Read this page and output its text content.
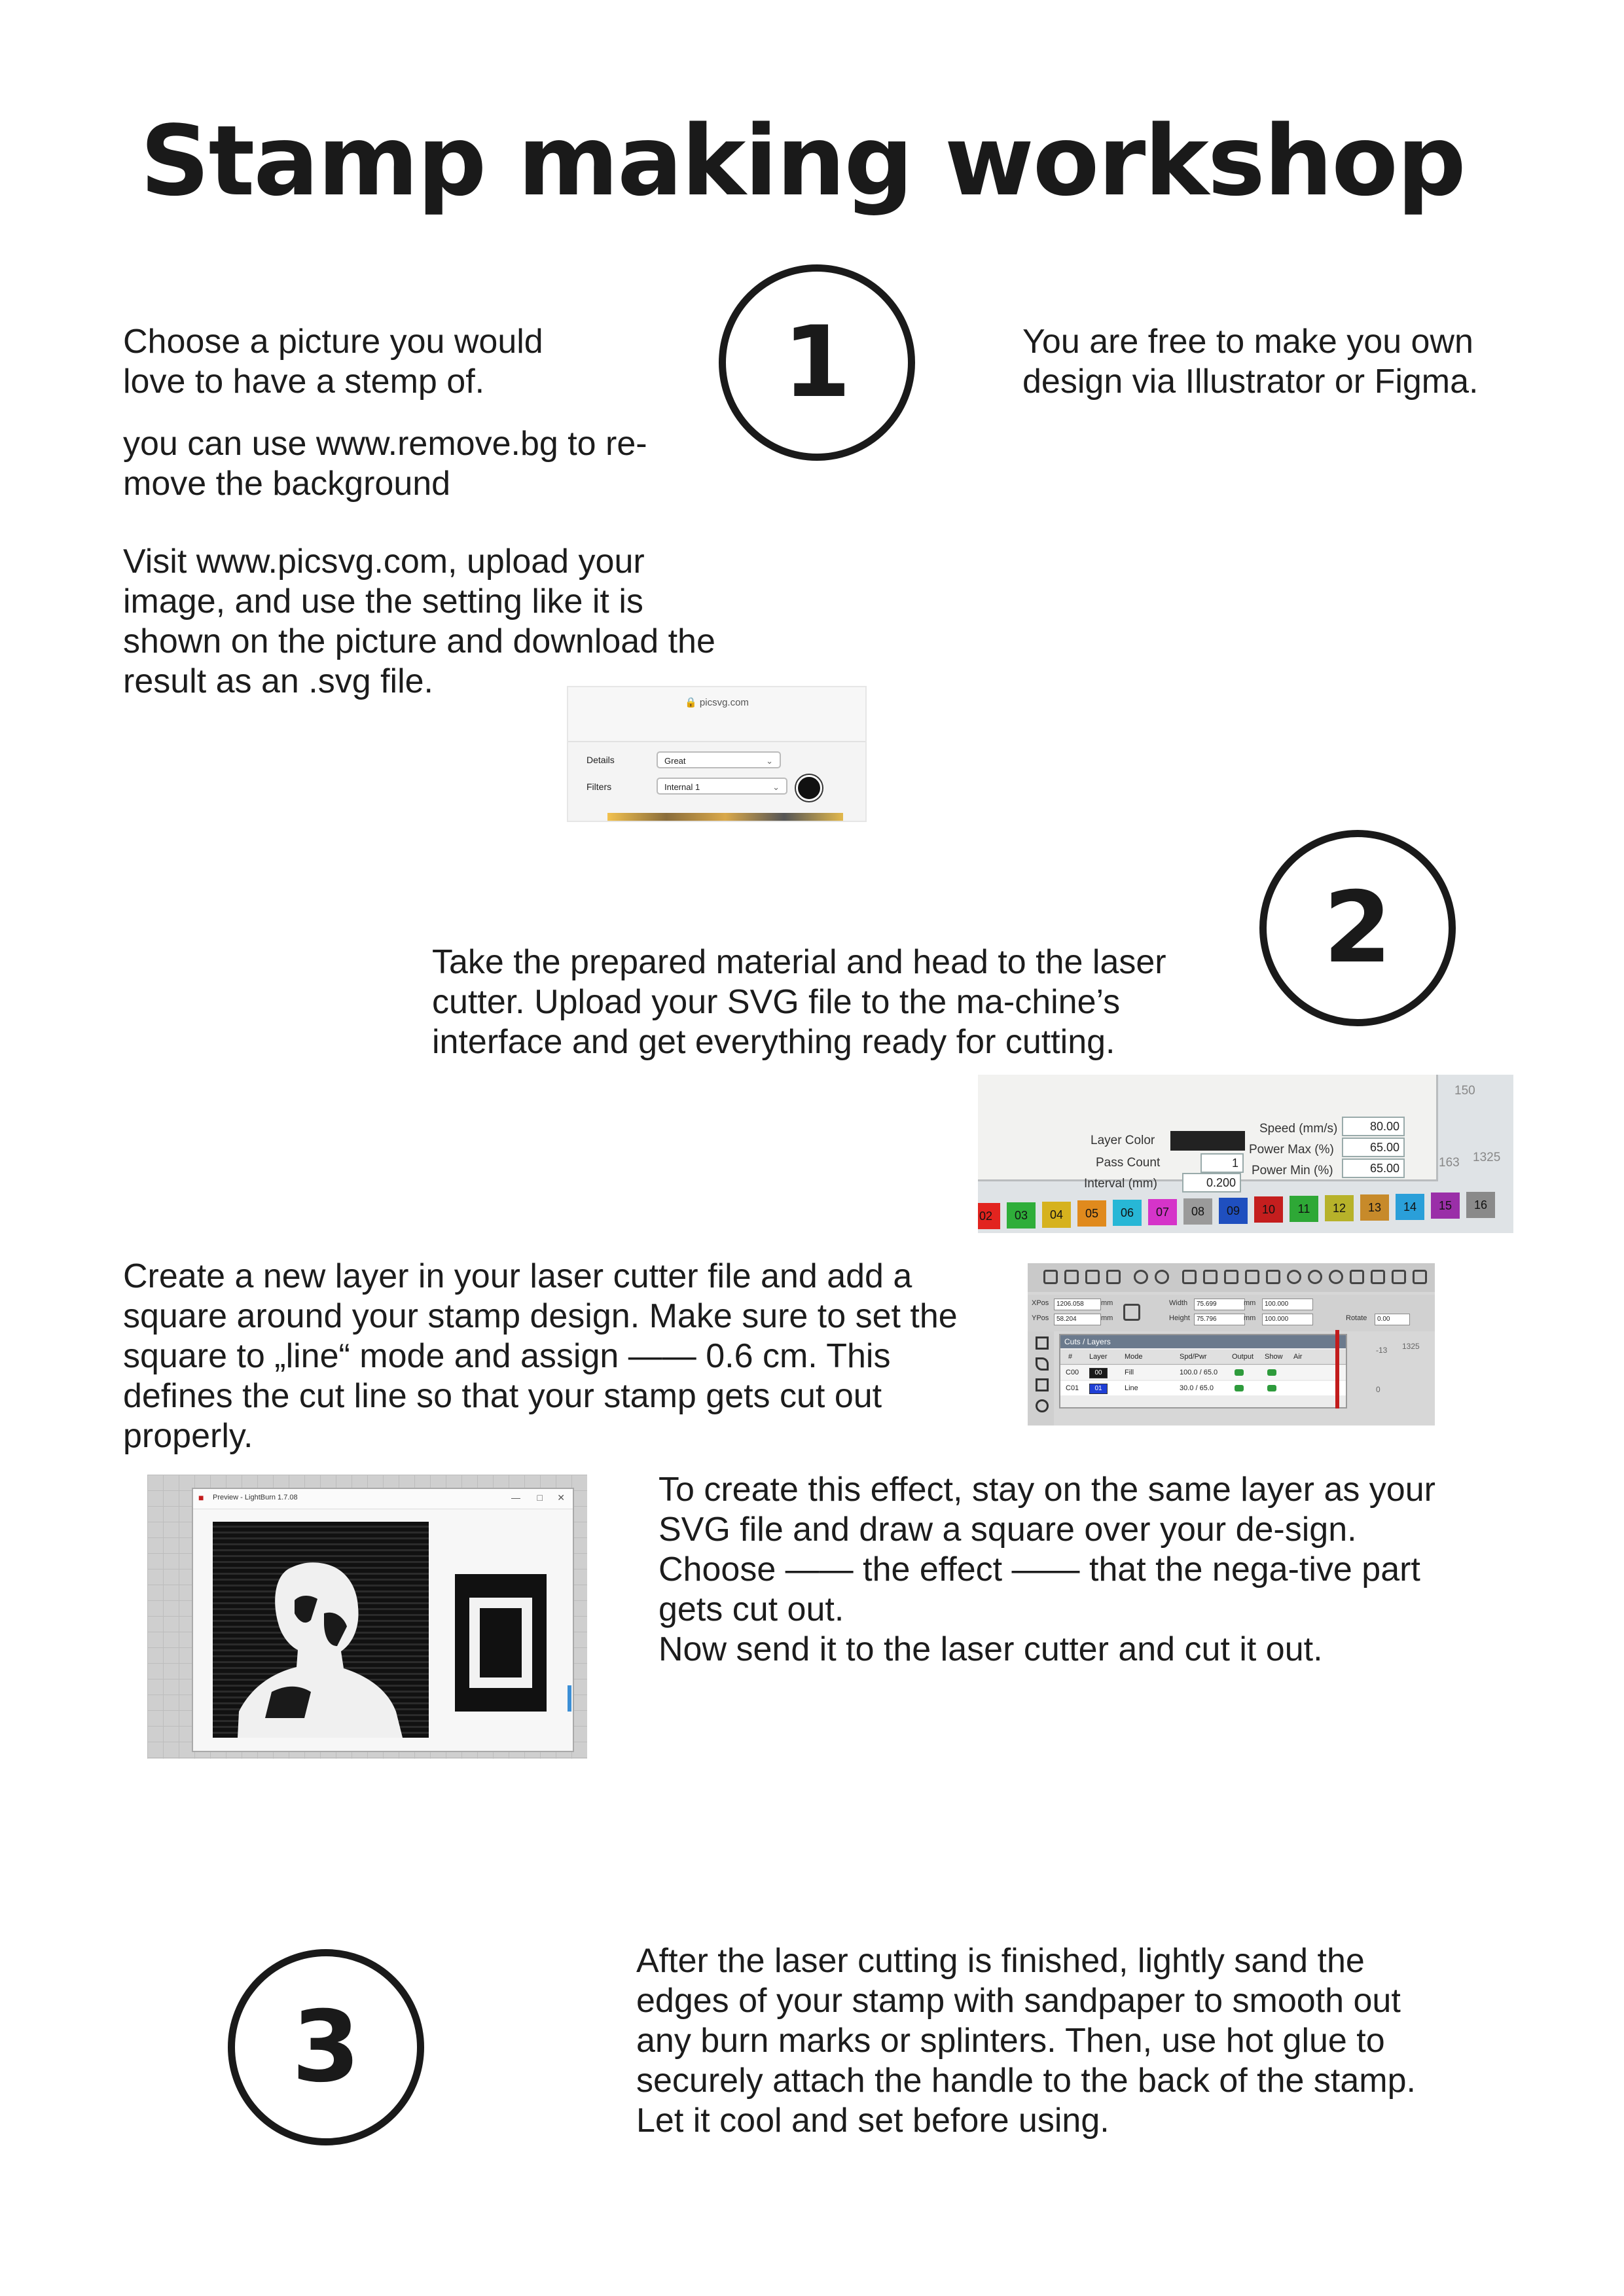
Stamp making workshop
1

Choose a picture you would love to have a stemp of.

you can use www.remove.bg to re-move the background

You are free to make you own design via Illustrator or Figma.

Visit www.picsvg.com, upload your image, and use the setting like it is shown on the picture and download the result as an .svg file.

🔒 picsvg.com
Details	Great	⌄
Filters	Internal 1	⌄
2

Take the prepared material and head to the laser cutter. Upload your SVG file to the ma-chine’s interface and get everything ready for cutting.

Layer Color
Pass Count	1
Interval (mm)	0.200
Speed (mm/s)	80.00
Power Max (%)	65.00
Power Min (%)	65.00
150
163 1325
02	03	04	05	06	07	08	09	10	11	12	13	14	15	16

Create a new layer in your laser cutter file and add a square around your stamp design. Make sure to set the square to „line“ mode and assign —— 0.6 cm. This defines the cut line so that your stamp gets cut out properly.

XPos	1206.058	mm
YPos	58.204	mm
Width	75.699	mm
Height	75.796	mm
100.000
100.000	Rotate	0.00
Cuts / Layers
# Layer Mode	Spd/Pwr	Output Show Air
C00	00	Fill	100.0 / 65.0
C01	01	Line	30.0 / 65.0
-13 1325
0
■ Preview - LightBurn 1.7.08	— □ ✕	To create this effect, stay on the same layer as your SVG file and draw a square over your de-sign. Choose —— the effect —— that the nega-tive part gets cut out.

Now send it to the laser cutter and cut it out.

3

After the laser cutting is finished, lightly sand the edges of your stamp with sandpaper to smooth out any burn marks or splinters. Then, use hot glue to securely attach the handle to the back of the stamp. Let it cool and set before using.
